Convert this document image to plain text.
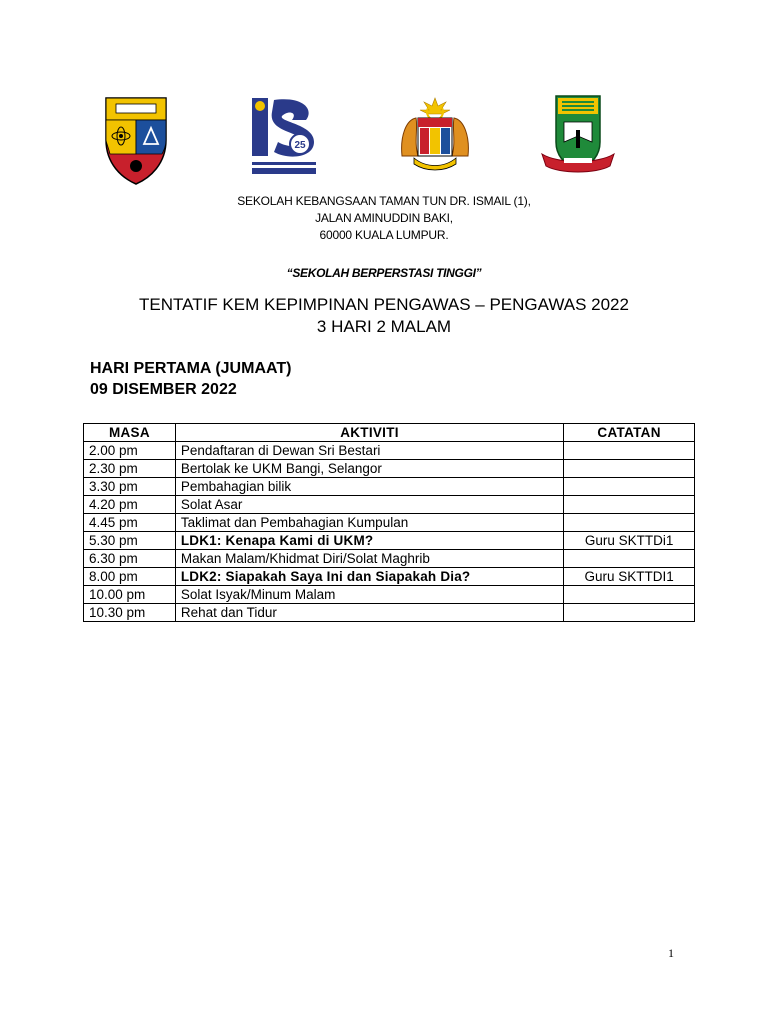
25
SEKOLAH KEBANGSAAN TAMAN TUN DR. ISMAIL (1),
JALAN AMINUDDIN BAKI,
60000 KUALA LUMPUR.
“SEKOLAH BERPERSTASI TINGGI”
TENTATIF KEM KEPIMPINAN PENGAWAS – PENGAWAS 2022
3 HARI 2 MALAM
HARI PERTAMA (JUMAAT)
09 DISEMBER 2022
MASA	AKTIVITI	CATATAN
2.00 pm	Pendaftaran di Dewan Sri Bestari	
2.30 pm	Bertolak ke UKM Bangi, Selangor	
3.30 pm	Pembahagian bilik	
4.20 pm	Solat Asar	
4.45 pm	Taklimat dan Pembahagian Kumpulan	
5.30 pm	LDK1: Kenapa Kami di UKM?	Guru SKTTDi1
6.30 pm	Makan Malam/Khidmat Diri/Solat Maghrib	
8.00 pm	LDK2: Siapakah Saya Ini dan Siapakah Dia?	Guru SKTTDI1
10.00 pm	Solat Isyak/Minum Malam	
10.30 pm	Rehat dan Tidur	
1
